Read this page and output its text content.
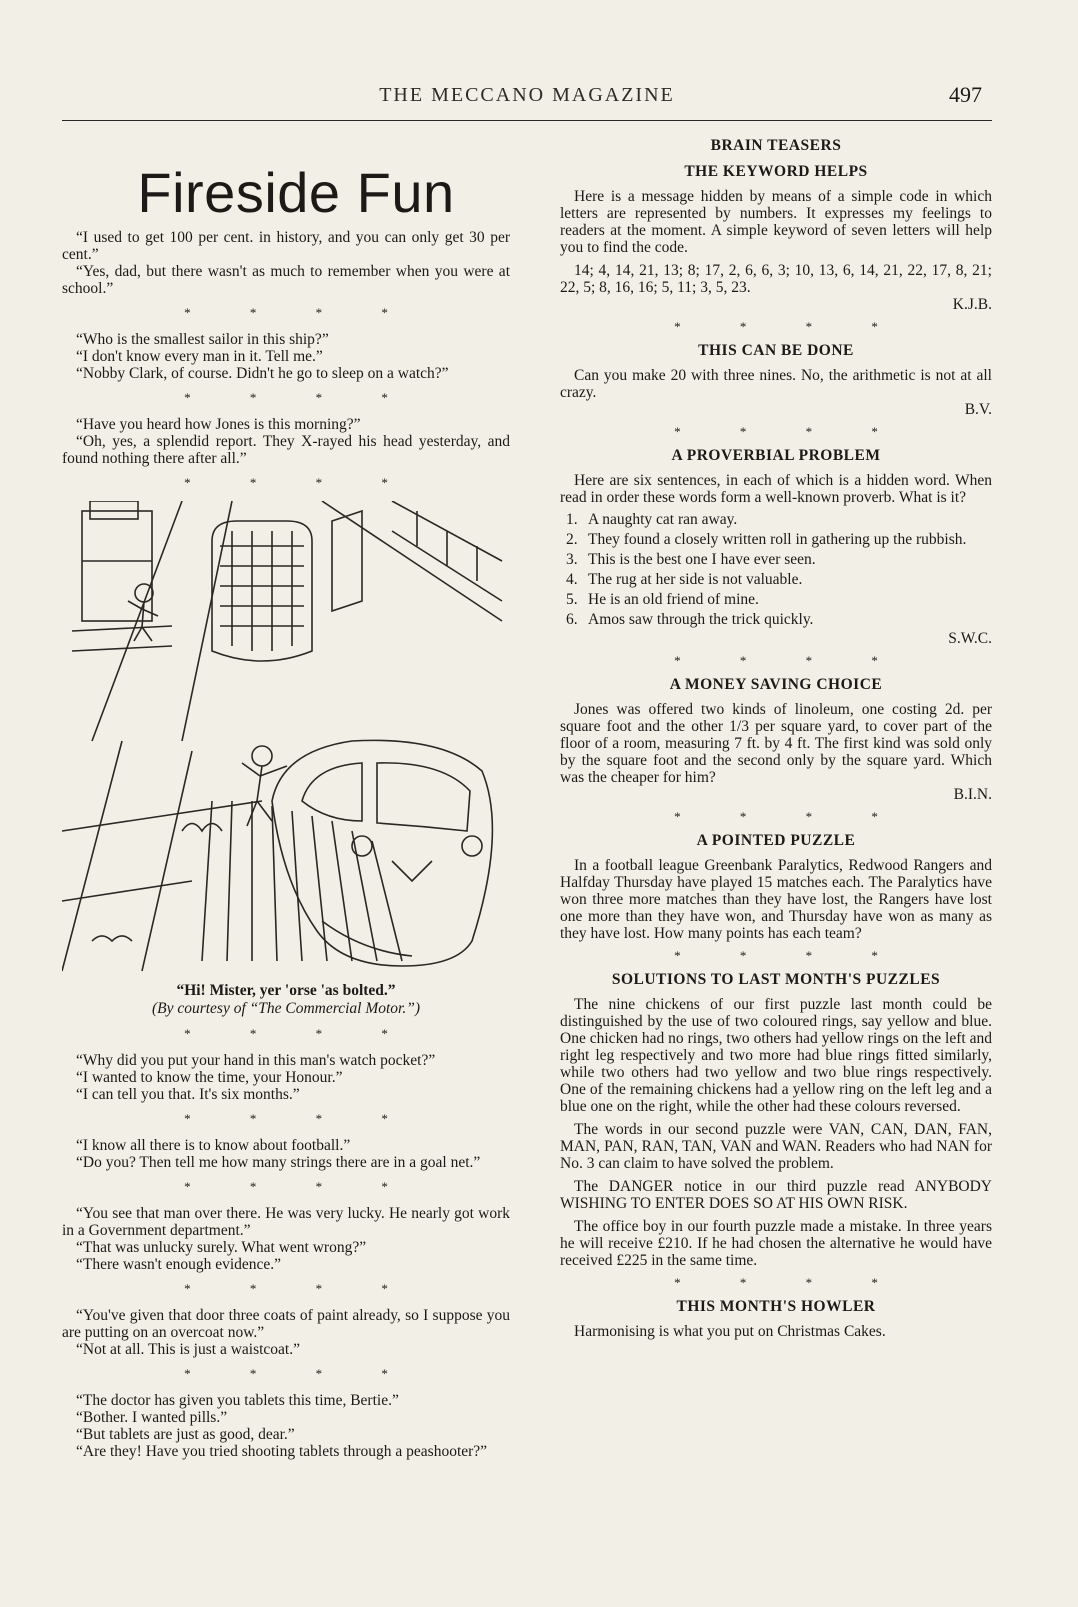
THE MECCANO MAGAZINE	497
Fireside Fun

“I used to get 100 per cent. in history, and you can only get 30 per cent.”

“Yes, dad, but there wasn't as much to remember when you were at school.”

* * * *

“Who is the smallest sailor in this ship?”

“I don't know every man in it. Tell me.”

“Nobby Clark, of course. Didn't he go to sleep on a watch?”

* * * *

“Have you heard how Jones is this morning?”

“Oh, yes, a splendid report. They X-rayed his head yesterday, and found nothing there after all.”

* * * *
“Hi! Mister, yer 'orse 'as bolted.”
(By courtesy of “The Commercial Motor.”)
* * * *

“Why did you put your hand in this man's watch pocket?”

“I wanted to know the time, your Honour.”

“I can tell you that. It's six months.”

* * * *

“I know all there is to know about football.”

“Do you? Then tell me how many strings there are in a goal net.”

* * * *

“You see that man over there. He was very lucky. He nearly got work in a Government department.”

“That was unlucky surely. What went wrong?”

“There wasn't enough evidence.”

* * * *

“You've given that door three coats of paint already, so I suppose you are putting on an overcoat now.”

“Not at all. This is just a waistcoat.”

* * * *

“The doctor has given you tablets this time, Bertie.”

“Bother. I wanted pills.”

“But tablets are just as good, dear.”

“Are they! Have you tried shooting tablets through a peashooter?”

BRAIN TEASERS
THE KEYWORD HELPS

Here is a message hidden by means of a simple code in which letters are represented by numbers. It expresses my feelings to readers at the moment. A simple keyword of seven letters will help you to find the code.

14; 4, 14, 21, 13; 8; 17, 2, 6, 6, 3; 10, 13, 6, 14, 21, 22, 17, 8, 21; 22, 5; 8, 16, 16; 5, 11; 3, 5, 23.

K.J.B.
* * * *
THIS CAN BE DONE

Can you make 20 with three nines. No, the arithmetic is not at all crazy.

B.V.
* * * *
A PROVERBIAL PROBLEM

Here are six sentences, in each of which is a hidden word. When read in order these words form a well-known proverb. What is it?

1. A naughty cat ran away.
2. They found a closely written roll in gathering up the rubbish.
3. This is the best one I have ever seen.
4. The rug at her side is not valuable.
5. He is an old friend of mine.
6. Amos saw through the trick quickly.
S.W.C.
* * * *
A MONEY SAVING CHOICE

Jones was offered two kinds of linoleum, one costing 2d. per square foot and the other 1/3 per square yard, to cover part of the floor of a room, measuring 7 ft. by 4 ft. The first kind was sold only by the square foot and the second only by the square yard. Which was the cheaper for him?

B.I.N.
* * * *
A POINTED PUZZLE

In a football league Greenbank Paralytics, Redwood Rangers and Halfday Thursday have played 15 matches each. The Paralytics have won three more matches than they have lost, the Rangers have lost one more than they have won, and Thursday have won as many as they have lost. How many points has each team?

* * * *
SOLUTIONS TO LAST MONTH'S PUZZLES

The nine chickens of our first puzzle last month could be distinguished by the use of two coloured rings, say yellow and blue. One chicken had no rings, two others had yellow rings on the left and right leg respectively and two more had blue rings fitted similarly, while two others had two yellow and two blue rings respectively. One of the remaining chickens had a yellow ring on the left leg and a blue one on the right, while the other had these colours reversed.

The words in our second puzzle were VAN, CAN, DAN, FAN, MAN, PAN, RAN, TAN, VAN and WAN. Readers who had NAN for No. 3 can claim to have solved the problem.

The DANGER notice in our third puzzle read ANYBODY WISHING TO ENTER DOES SO AT HIS OWN RISK.

The office boy in our fourth puzzle made a mistake. In three years he will receive £210. If he had chosen the alternative he would have received £225 in the same time.

* * * *
THIS MONTH'S HOWLER

Harmonising is what you put on Christmas Cakes.
